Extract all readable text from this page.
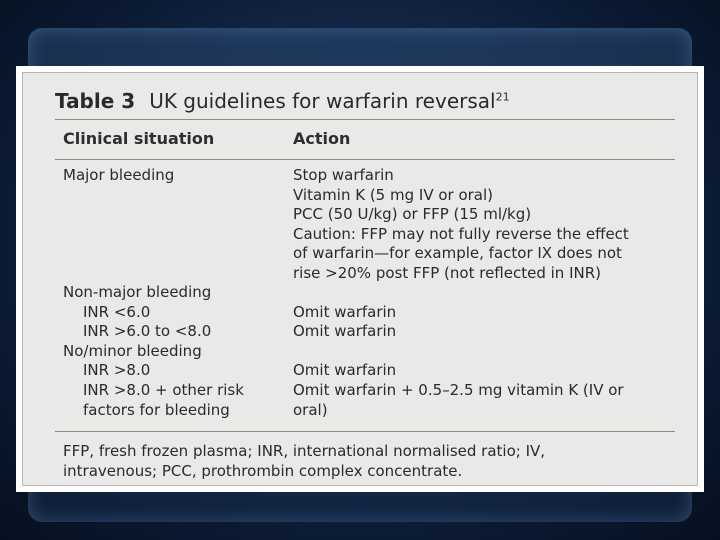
Table 3 UK guidelines for warfarin reversal$^{21}$
Clinical situation	Action
Major bleeding	Stop warfarin
Vitamin K (5 mg IV or oral)
PCC (50 U/kg) or FFP (15 ml/kg)
Caution: FFP may not fully reverse the effect
of warfarin—for example, factor IX does not
rise >20% post FFP (not reflected in INR)
Non-major bleeding
INR <6.0	Omit warfarin
INR >6.0 to <8.0	Omit warfarin
No/minor bleeding
INR >8.0	Omit warfarin
INR >8.0 + other risk	Omit warfarin + 0.5–2.5 mg vitamin K (IV or
factors for bleeding	oral)
FFP, fresh frozen plasma; INR, international normalised ratio; IV,
intravenous; PCC, prothrombin complex concentrate.
